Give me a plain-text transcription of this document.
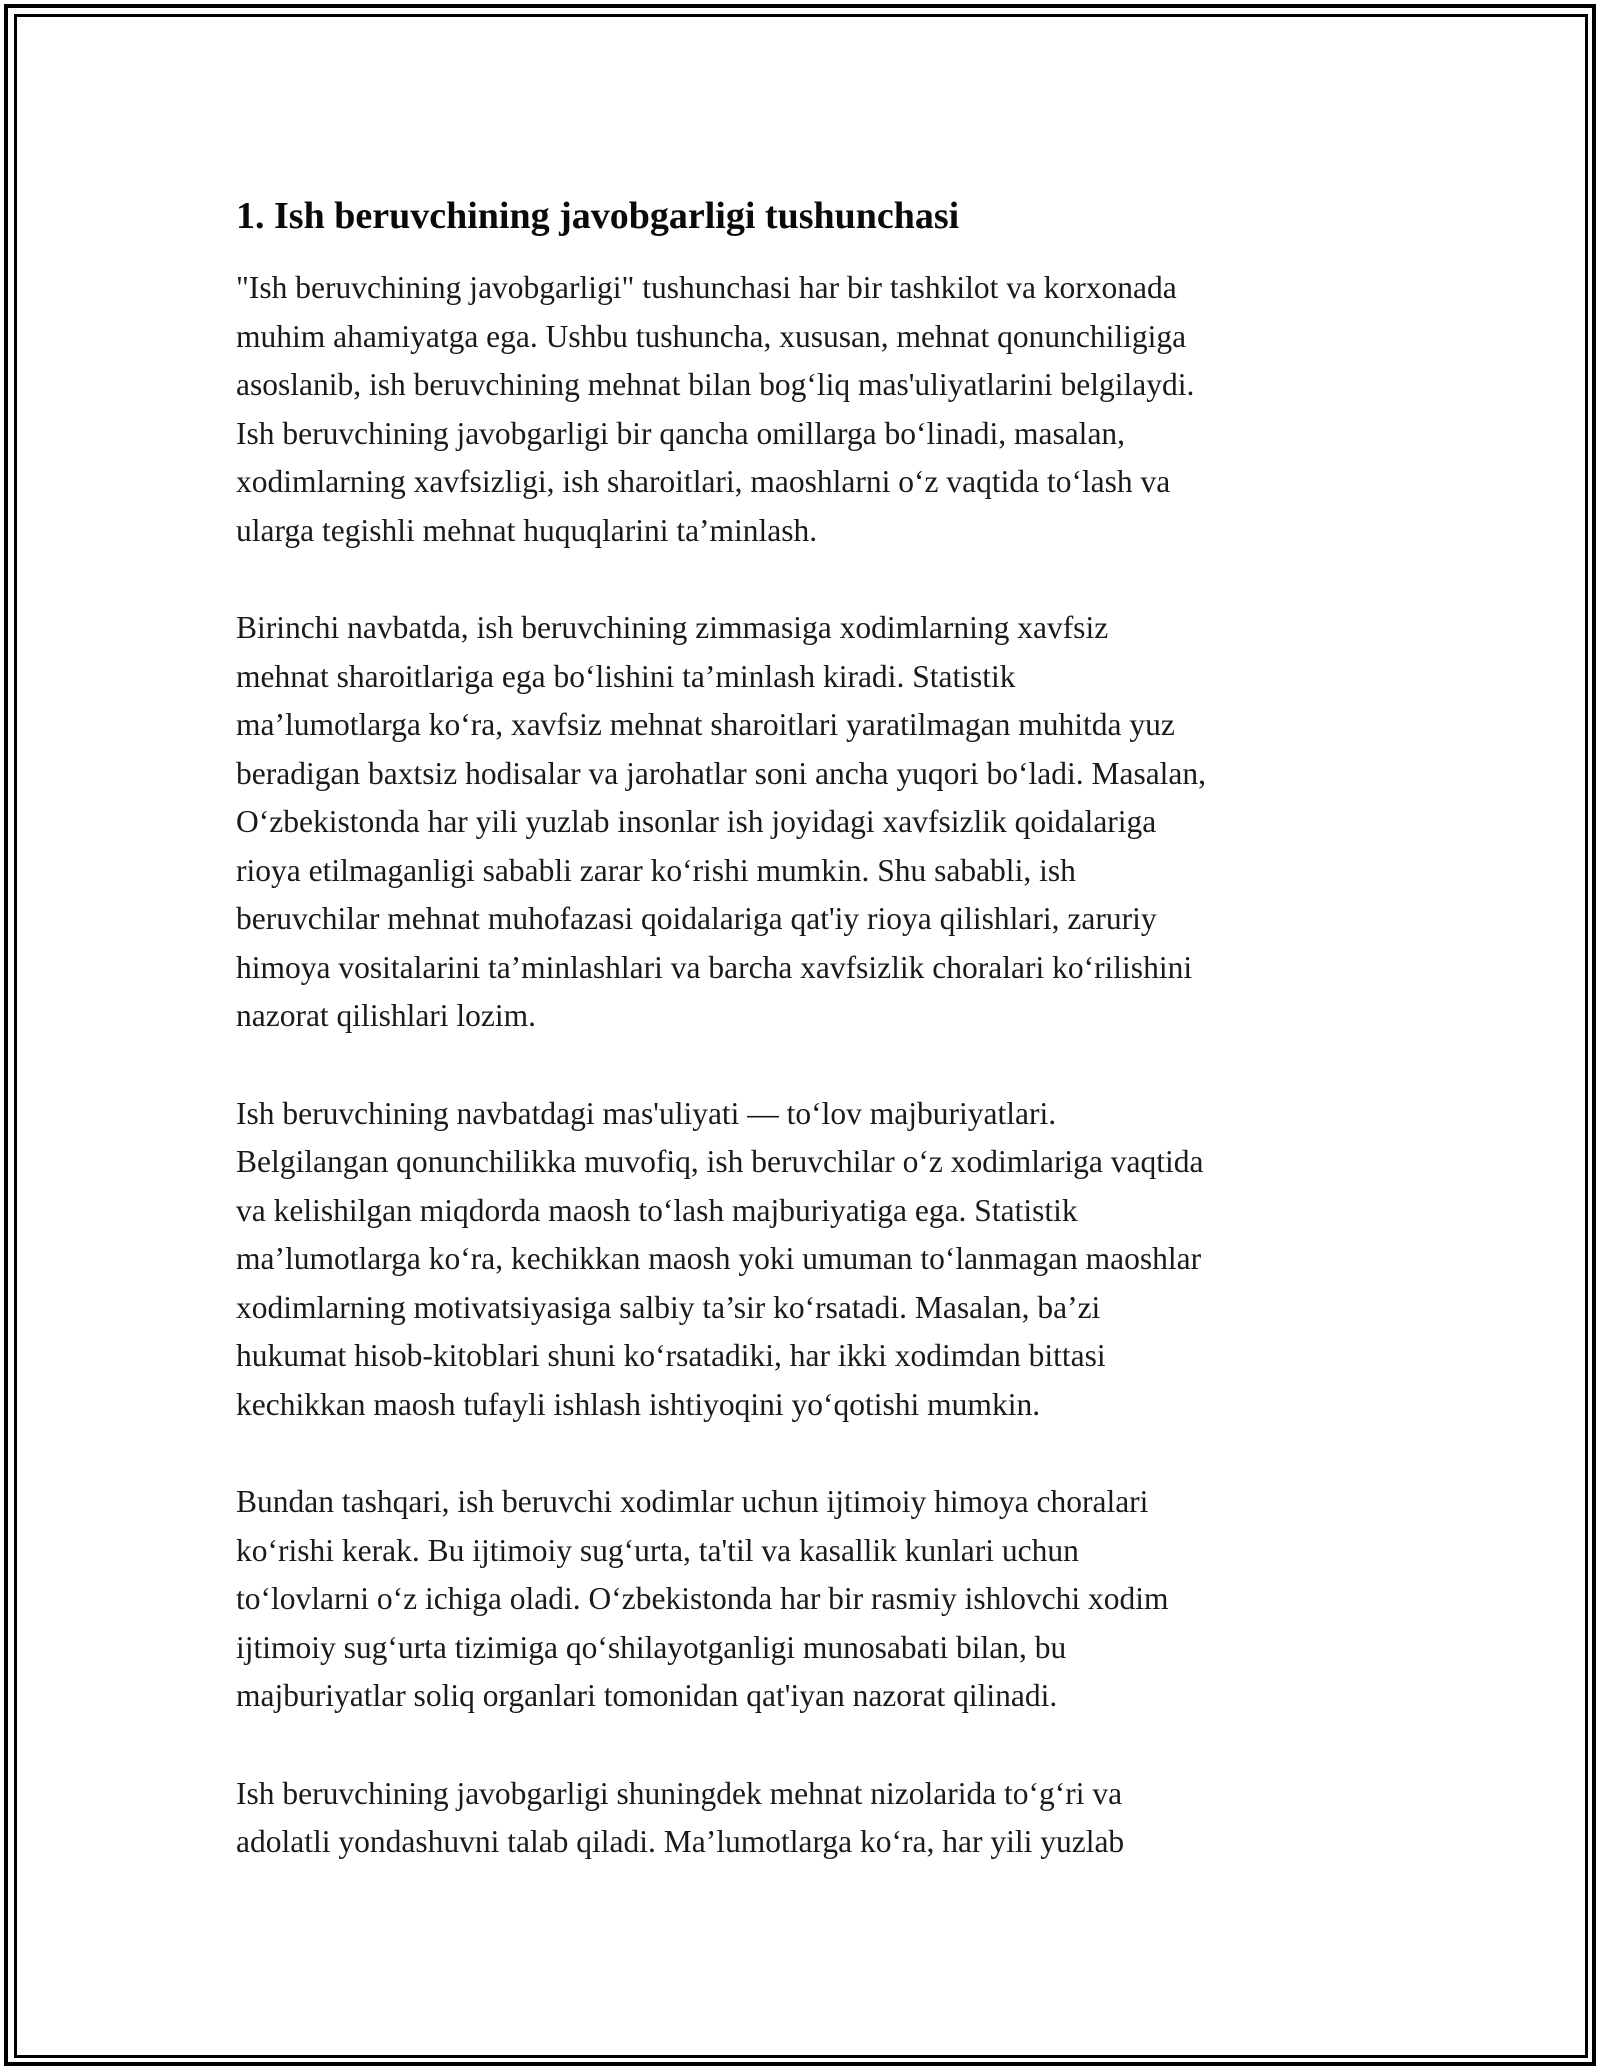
1. Ish beruvchining javobgarligi tushunchasi

"Ish beruvchining javobgarligi" tushunchasi har bir tashkilot va korxonada
muhim ahamiyatga ega. Ushbu tushuncha, xususan, mehnat qonunchiligiga
asoslanib, ish beruvchining mehnat bilan bog‘liq mas'uliyatlarini belgilaydi.
Ish beruvchining javobgarligi bir qancha omillarga bo‘linadi, masalan,
xodimlarning xavfsizligi, ish sharoitlari, maoshlarni o‘z vaqtida to‘lash va
ularga tegishli mehnat huquqlarini ta’minlash.

Birinchi navbatda, ish beruvchining zimmasiga xodimlarning xavfsiz
mehnat sharoitlariga ega bo‘lishini ta’minlash kiradi. Statistik
ma’lumotlarga ko‘ra, xavfsiz mehnat sharoitlari yaratilmagan muhitda yuz
beradigan baxtsiz hodisalar va jarohatlar soni ancha yuqori bo‘ladi. Masalan,
O‘zbekistonda har yili yuzlab insonlar ish joyidagi xavfsizlik qoidalariga
rioya etilmaganligi sababli zarar ko‘rishi mumkin. Shu sababli, ish
beruvchilar mehnat muhofazasi qoidalariga qat'iy rioya qilishlari, zaruriy
himoya vositalarini ta’minlashlari va barcha xavfsizlik choralari ko‘rilishini
nazorat qilishlari lozim.

Ish beruvchining navbatdagi mas'uliyati — to‘lov majburiyatlari.
Belgilangan qonunchilikka muvofiq, ish beruvchilar o‘z xodimlariga vaqtida
va kelishilgan miqdorda maosh to‘lash majburiyatiga ega. Statistik
ma’lumotlarga ko‘ra, kechikkan maosh yoki umuman to‘lanmagan maoshlar
xodimlarning motivatsiyasiga salbiy ta’sir ko‘rsatadi. Masalan, ba’zi
hukumat hisob-kitoblari shuni ko‘rsatadiki, har ikki xodimdan bittasi
kechikkan maosh tufayli ishlash ishtiyoqini yo‘qotishi mumkin.

Bundan tashqari, ish beruvchi xodimlar uchun ijtimoiy himoya choralari
ko‘rishi kerak. Bu ijtimoiy sug‘urta, ta'til va kasallik kunlari uchun
to‘lovlarni o‘z ichiga oladi. O‘zbekistonda har bir rasmiy ishlovchi xodim
ijtimoiy sug‘urta tizimiga qo‘shilayotganligi munosabati bilan, bu
majburiyatlar soliq organlari tomonidan qat'iyan nazorat qilinadi.

Ish beruvchining javobgarligi shuningdek mehnat nizolarida to‘g‘ri va
adolatli yondashuvni talab qiladi. Ma’lumotlarga ko‘ra, har yili yuzlab
